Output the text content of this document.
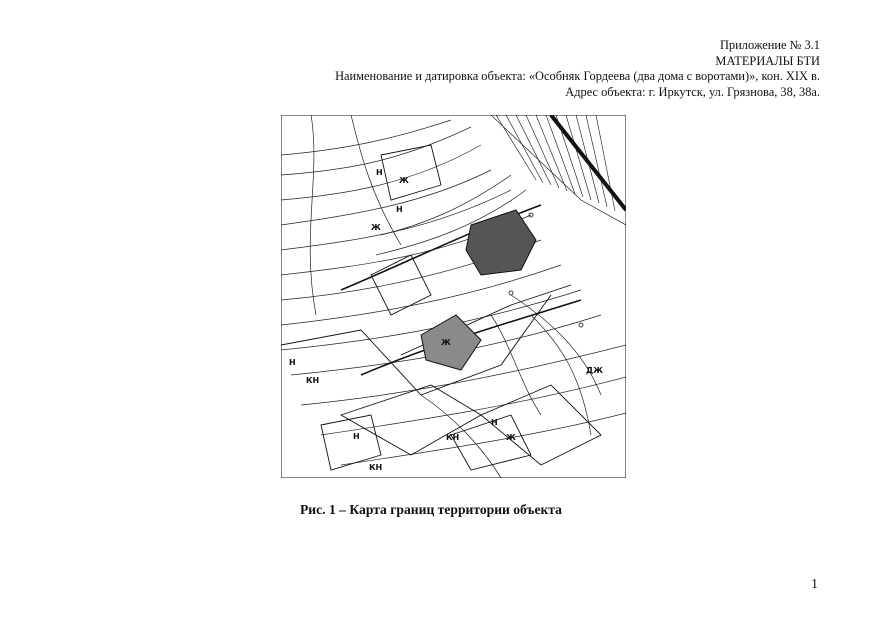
Приложение № 3.1
МАТЕРИАЛЫ БТИ
Наименование и датировка объекта: «Особняк Гордеева (два дома с воротами)», кон. XIX в.
Адрес объекта: г. Иркутск, ул. Грязнова, 38, 38а.
Ж
Ж
Ж
Ж
Н
Н
Н
Н
Н
КН
КН
КН
ДЖ
Рис. 1 – Карта границ территории объекта
1
